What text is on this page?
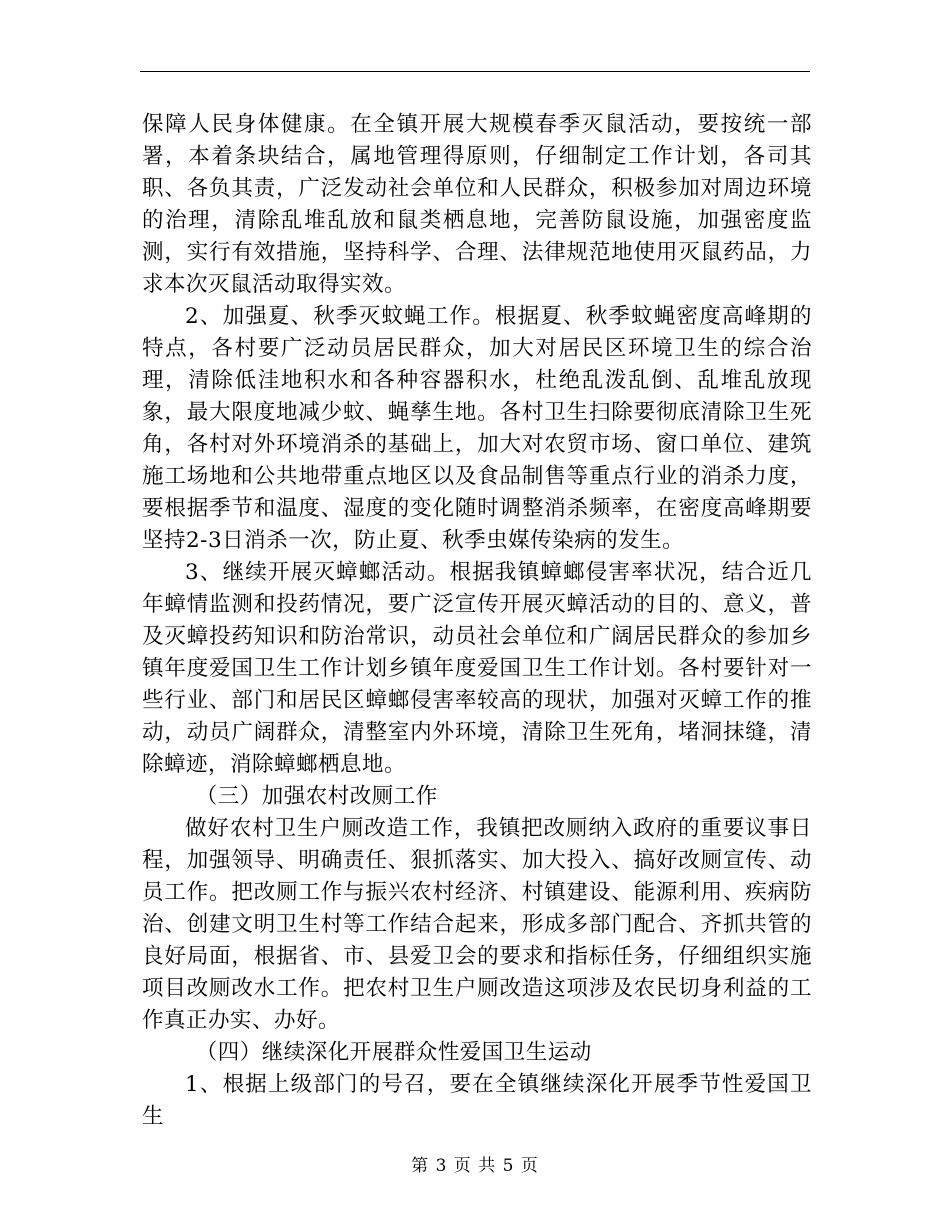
保障人民身体健康。在全镇开展大规模春季灭鼠活动，要按统一部署，本着条块结合，属地管理得原则，仔细制定工作计划，各司其职、各负其责，广泛发动社会单位和人民群众，积极参加对周边环境的治理，清除乱堆乱放和鼠类栖息地，完善防鼠设施，加强密度监测，实行有效措施，坚持科学、合理、法律规范地使用灭鼠药品，力求本次灭鼠活动取得实效。

2、加强夏、秋季灭蚊蝇工作。根据夏、秋季蚊蝇密度高峰期的特点，各村要广泛动员居民群众，加大对居民区环境卫生的综合治理，清除低洼地积水和各种容器积水，杜绝乱泼乱倒、乱堆乱放现象，最大限度地减少蚊、蝇孳生地。各村卫生扫除要彻底清除卫生死角，各村对外环境消杀的基础上，加大对农贸市场、窗口单位、建筑施工场地和公共地带重点地区以及食品制售等重点行业的消杀力度，要根据季节和温度、湿度的变化随时调整消杀频率，在密度高峰期要坚持2-3日消杀一次，防止夏、秋季虫媒传染病的发生。

3、继续开展灭蟑螂活动。根据我镇蟑螂侵害率状况，结合近几年蟑情监测和投药情况，要广泛宣传开展灭蟑活动的目的、意义，普及灭蟑投药知识和防治常识，动员社会单位和广阔居民群众的参加乡镇年度爱国卫生工作计划乡镇年度爱国卫生工作计划。各村要针对一些行业、部门和居民区蟑螂侵害率较高的现状，加强对灭蟑工作的推动，动员广阔群众，清整室内外环境，清除卫生死角，堵洞抹缝，清除蟑迹，消除蟑螂栖息地。

（三）加强农村改厕工作

做好农村卫生户厕改造工作，我镇把改厕纳入政府的重要议事日程，加强领导、明确责任、狠抓落实、加大投入、搞好改厕宣传、动员工作。把改厕工作与振兴农村经济、村镇建设、能源利用、疾病防治、创建文明卫生村等工作结合起来，形成多部门配合、齐抓共管的良好局面，根据省、市、县爱卫会的要求和指标任务，仔细组织实施项目改厕改水工作。把农村卫生户厕改造这项涉及农民切身利益的工作真正办实、办好。

（四）继续深化开展群众性爱国卫生运动

1、根据上级部门的号召，要在全镇继续深化开展季节性爱国卫生

第 3 页 共 5 页
